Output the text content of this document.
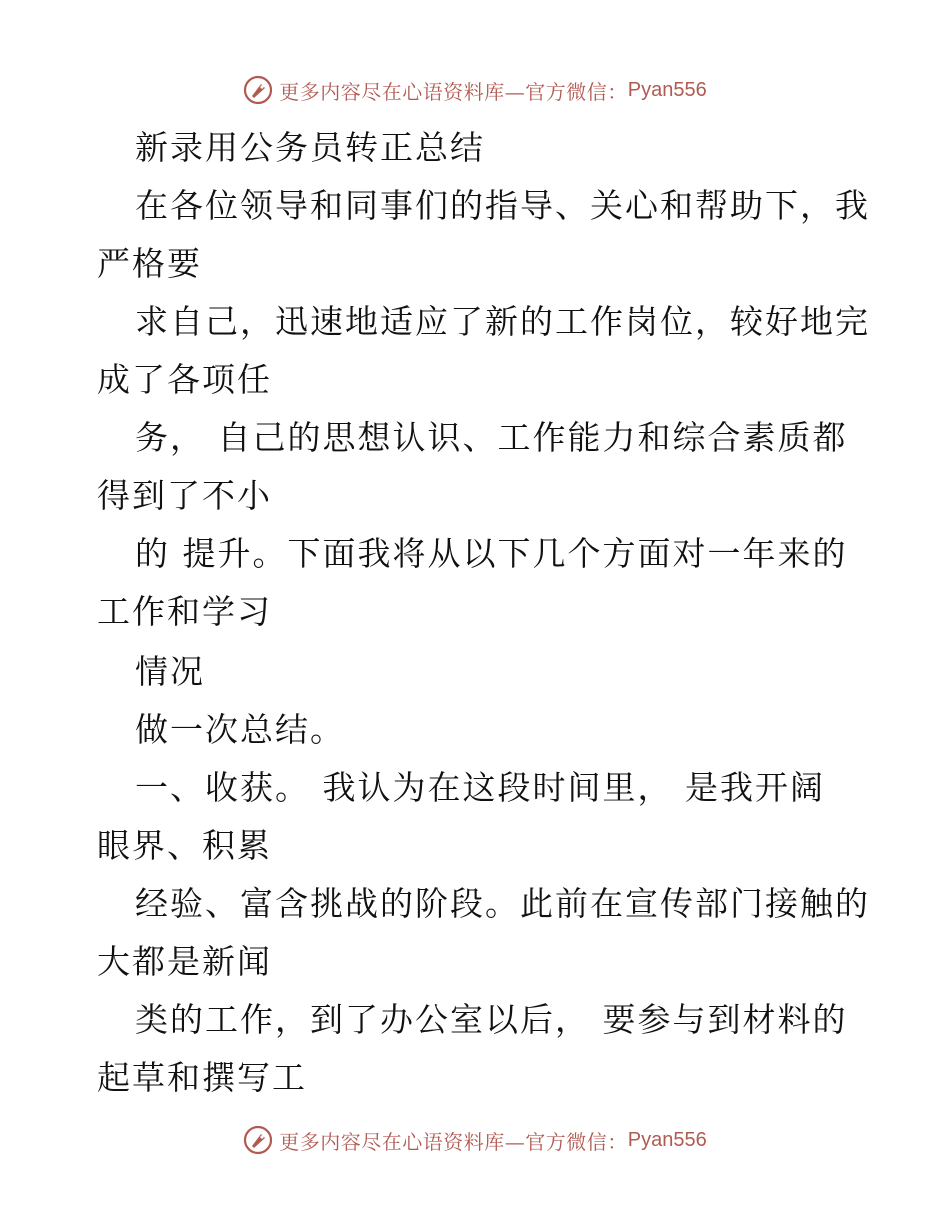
更多内容尽在心语资料库—官方微信： Pyan556
新录用公务员转正总结
在各位领导和同事们的指导、关心和帮助下，我
严格要
求自己，迅速地适应了新的工作岗位，较好地完
成了各项任
务， 自己的思想认识、工作能力和综合素质都
得到了不小
的 提升。下面我将从以下几个方面对一年来的
工作和学习
情况
做一次总结。
一、收获。 我认为在这段时间里， 是我开阔
眼界、积累
经验、富含挑战的阶段。此前在宣传部门接触的
大都是新闻
类的工作，到了办公室以后， 要参与到材料的
起草和撰写工
更多内容尽在心语资料库—官方微信： Pyan556
